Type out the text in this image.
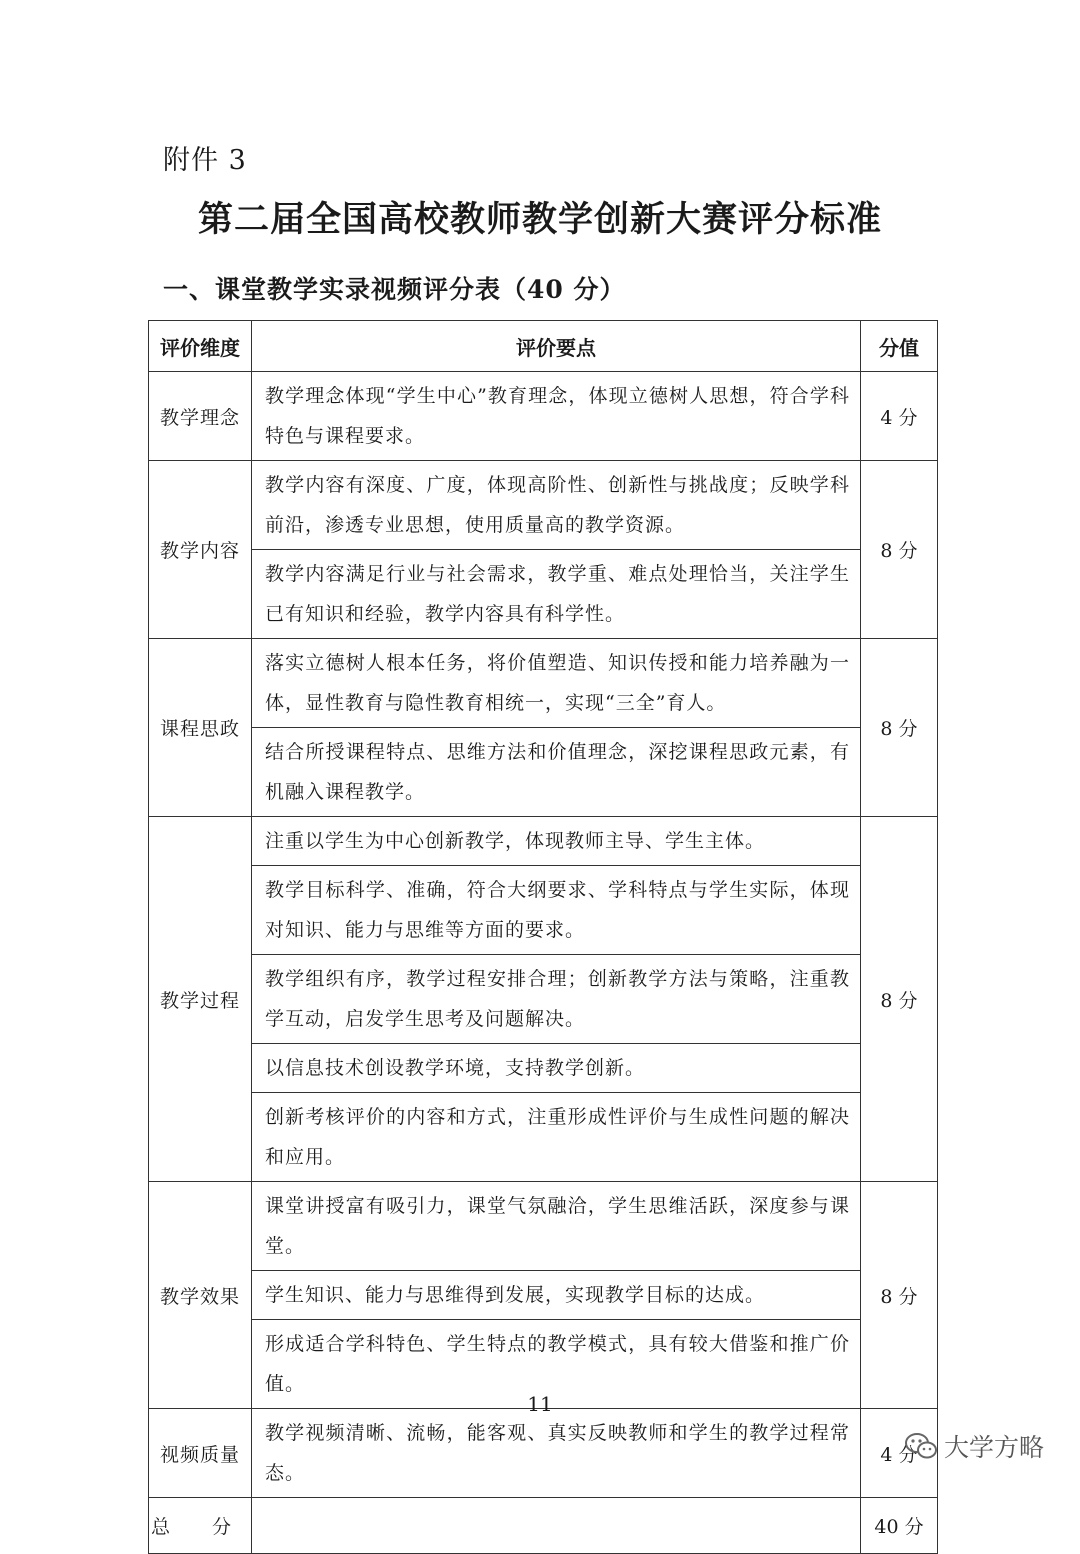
附件 3
第二届全国高校教师教学创新大赛评分标准
一、课堂教学实录视频评分表（40 分）
评价维度	评价要点	分值
教学理念	教学理念体现“学生中心”教育理念，体现立德树人思想，符合学科特色与课程要求。	4 分
教学内容	教学内容有深度、广度，体现高阶性、创新性与挑战度；反映学科前沿，渗透专业思想，使用质量高的教学资源。	8 分
	教学内容满足行业与社会需求，教学重、难点处理恰当，关注学生已有知识和经验，教学内容具有科学性。	
课程思政	落实立德树人根本任务，将价值塑造、知识传授和能力培养融为一体，显性教育与隐性教育相统一，实现“三全”育人。	8 分
	结合所授课程特点、思维方法和价值理念，深挖课程思政元素，有机融入课程教学。	
教学过程	注重以学生为中心创新教学，体现教师主导、学生主体。	8 分
	教学目标科学、准确，符合大纲要求、学科特点与学生实际，体现对知识、能力与思维等方面的要求。	
	教学组织有序，教学过程安排合理；创新教学方法与策略，注重教学互动，启发学生思考及问题解决。	
	以信息技术创设教学环境，支持教学创新。	
	创新考核评价的内容和方式，注重形成性评价与生成性问题的解决和应用。	
教学效果	课堂讲授富有吸引力，课堂气氛融洽，学生思维活跃，深度参与课堂。	8 分
	学生知识、能力与思维得到发展，实现教学目标的达成。	
	形成适合学科特色、学生特点的教学模式，具有较大借鉴和推广价值。	
视频质量	教学视频清晰、流畅，能客观、真实反映教师和学生的教学过程常态。	4 分
总 分		40 分
11
大学方略
